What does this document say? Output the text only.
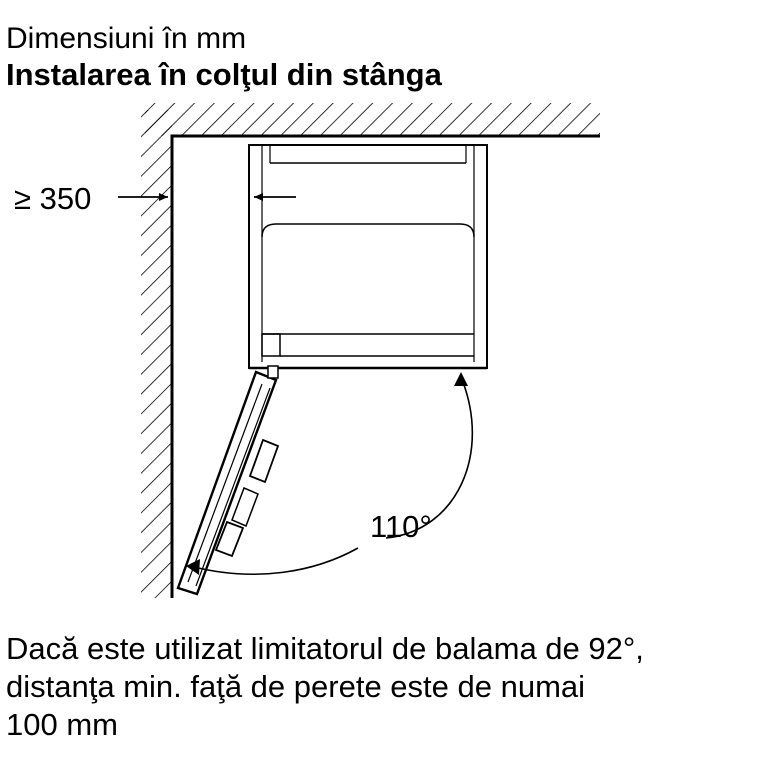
Dimensiuni în mm
Instalarea în colţul din stânga
≥ 350
110°
Dacă este utilizat limitatorul de balama de 92°,
distanţa min. faţă de perete este de numai
100 mm
